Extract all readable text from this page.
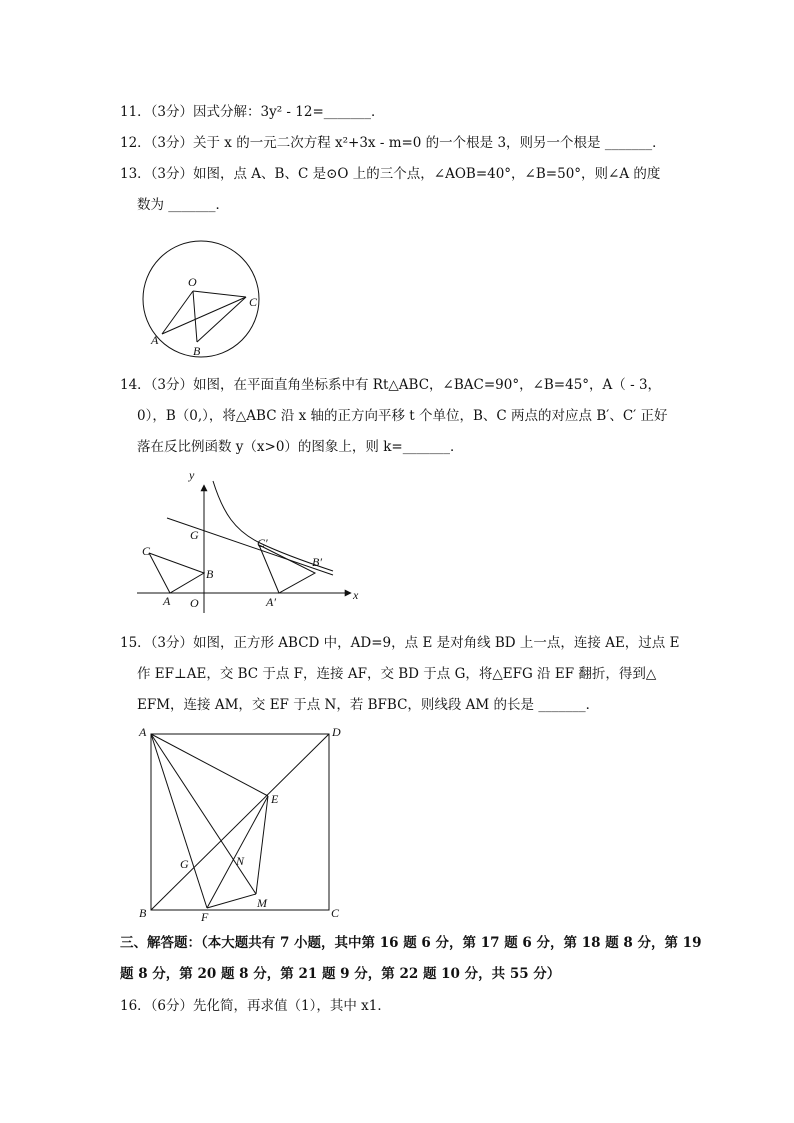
11．（3分）因式分解：3y² - 12=_______．
12．（3分）关于 x 的一元二次方程 x²+3x - m=0 的一个根是 3，则另一个根是 _______．
13．（3分）如图，点 A、B、C 是⊙O 上的三个点，∠AOB=40°，∠B=50°，则∠A 的度
数为 _______．
O
C
A
B
14．（3分）如图，在平面直角坐标系中有 Rt△ABC，∠BAC=90°，∠B=45°，A（ - 3，
0），B（0,），将△ABC 沿 x 轴的正方向平移 t 个单位，B、C 两点的对应点 B′、C′ 正好
落在反比例函数 y（x>0）的图象上，则 k=_______．
y
x
G
C
B
A O
C′
B′
A′
15．（3分）如图，正方形 ABCD 中，AD=9，点 E 是对角线 BD 上一点，连接 AE，过点 E
作 EF⊥AE，交 BC 于点 F，连接 AF，交 BD 于点 G，将△EFG 沿 EF 翻折，得到△
EFM，连接 AM，交 EF 于点 N，若 BFBC，则线段 AM 的长是 _______．
A	D
E
G	N
B	F
M
C
三、解答题：（本大题共有 7 小题，其中第 16 题 6 分，第 17 题 6 分，第 18 题 8 分，第 19
题 8 分，第 20 题 8 分，第 21 题 9 分，第 22 题 10 分，共 55 分）
16．（6分）先化简，再求值（1），其中 x1．
